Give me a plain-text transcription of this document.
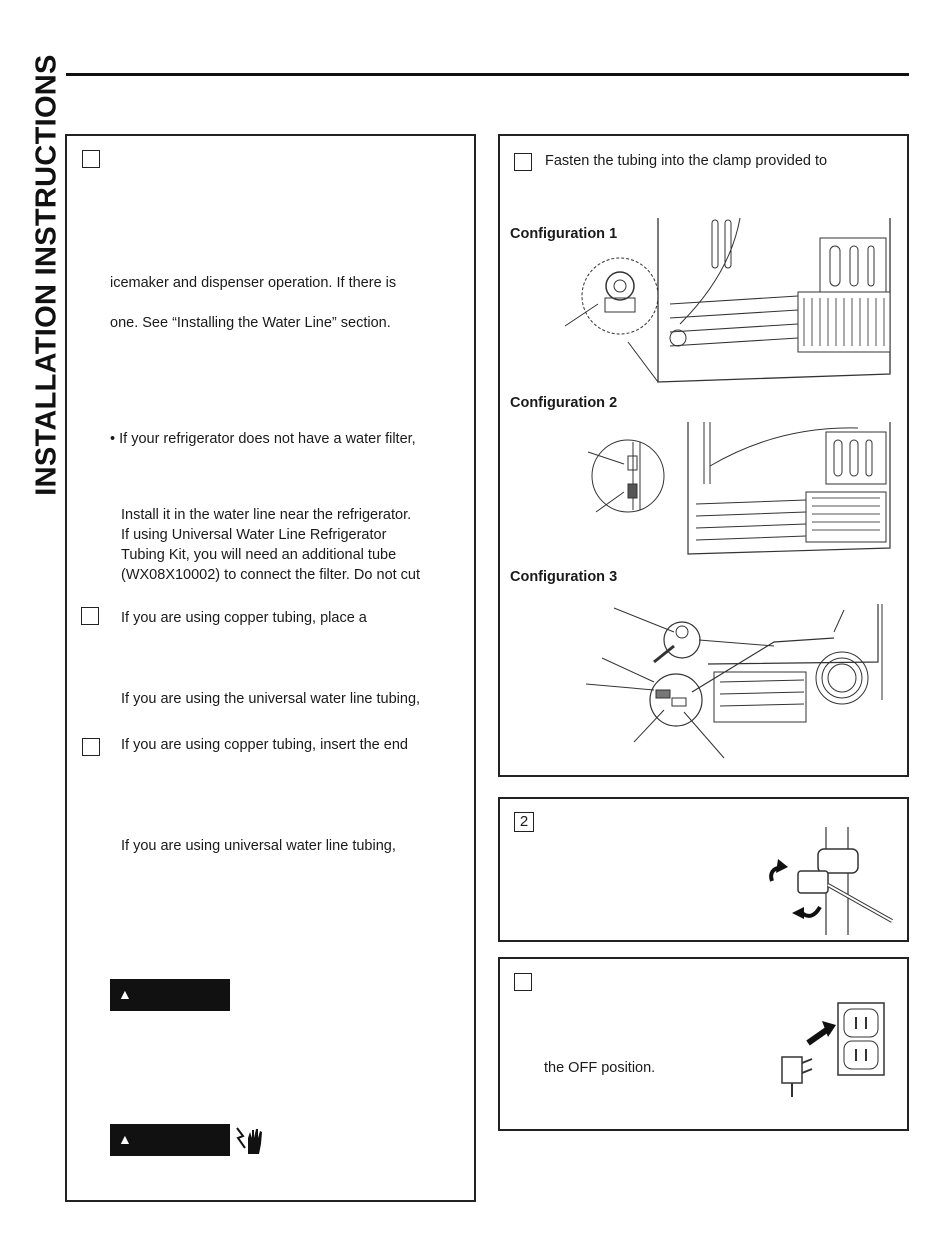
INSTALLATION INSTRUCTIONS	icemaker and dispenser operation. If there is
one. See “Installing the Water Line” section.
• If your refrigerator does not have a water filter,
Install it in the water line near the refrigerator.
If using Universal Water Line Refrigerator
Tubing Kit, you will need an additional tube
(WX08X10002) to connect the filter. Do not cut
If you are using copper tubing, place a
If you are using the universal water line tubing,
If you are using copper tubing, insert the end
If you are using universal water line tubing,
▲
▲
Fasten the tubing into the clamp provided to
Configuration 1
Configuration 2
Configuration 3
2
the OFF position.
